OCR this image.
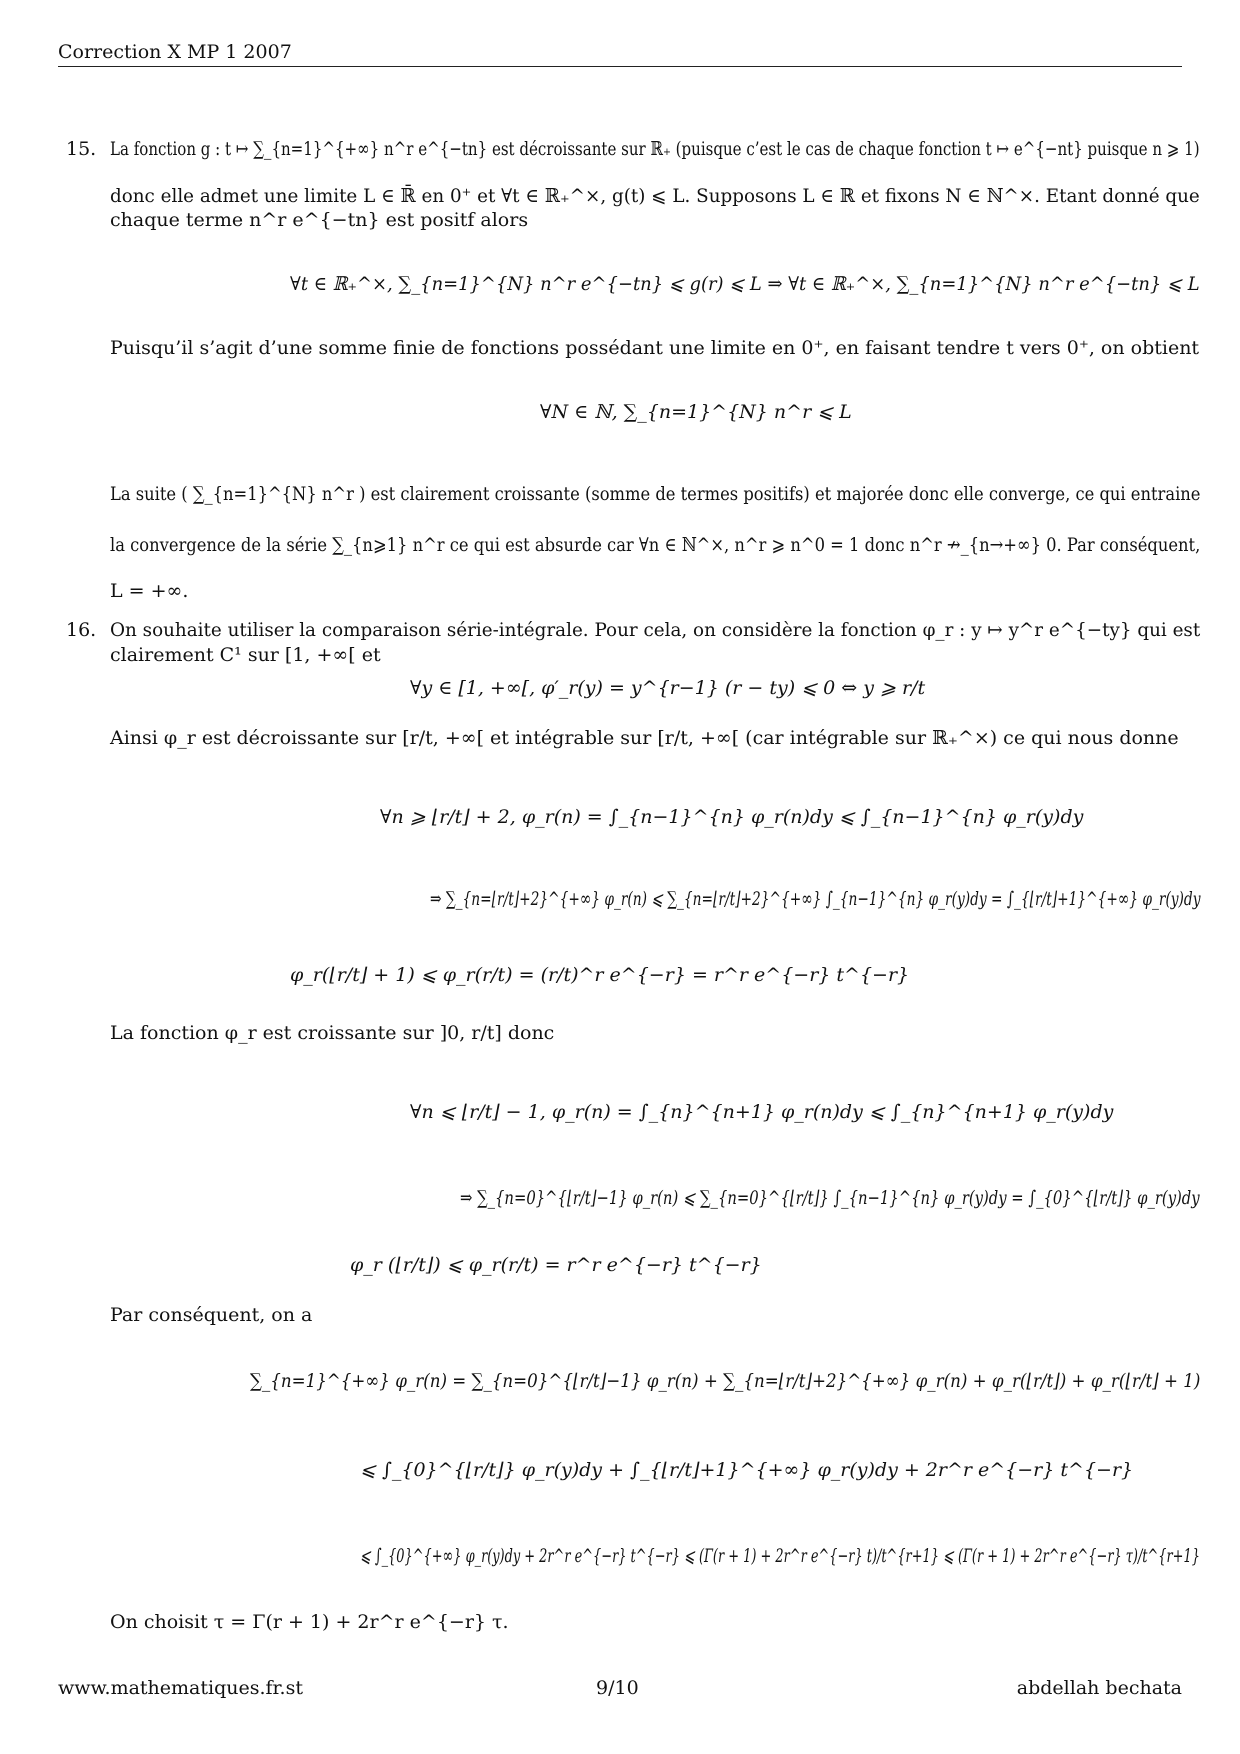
Correction X MP 1 2007
15. La fonction g : t ↦ ∑_{n=1}^{+∞} n^r e^{−tn} est décroissante sur ℝ₊ (puisque c’est le cas de chaque fonction t ↦ e^{−nt} puisque n ⩾ 1)
donc elle admet une limite L ∈ ℝ̄ en 0⁺ et ∀t ∈ ℝ₊^×, g(t) ⩽ L. Supposons L ∈ ℝ et fixons N ∈ ℕ^×. Etant donné que
chaque terme n^r e^{−tn} est positf alors
∀t ∈ ℝ₊^×, ∑_{n=1}^{N} n^r e^{−tn} ⩽ g(r) ⩽ L ⇒ ∀t ∈ ℝ₊^×, ∑_{n=1}^{N} n^r e^{−tn} ⩽ L
Puisqu’il s’agit d’une somme finie de fonctions possédant une limite en 0⁺, en faisant tendre t vers 0⁺, on obtient
∀N ∈ ℕ, ∑_{n=1}^{N} n^r ⩽ L
La suite ( ∑_{n=1}^{N} n^r ) est clairement croissante (somme de termes positifs) et majorée donc elle converge, ce qui entraine
la convergence de la série ∑_{n⩾1} n^r ce qui est absurde car ∀n ∈ ℕ^×, n^r ⩾ n^0 = 1 donc n^r ↛_{n→+∞} 0. Par conséquent,
L = +∞.
16. On souhaite utiliser la comparaison série-intégrale. Pour cela, on considère la fonction φ_r : y ↦ y^r e^{−ty} qui est
clairement C¹ sur [1, +∞[ et
∀y ∈ [1, +∞[, φ′_r(y) = y^{r−1} (r − ty) ⩽ 0 ⇔ y ⩾ r/t
Ainsi φ_r est décroissante sur [r/t, +∞[ et intégrable sur [r/t, +∞[ (car intégrable sur ℝ₊^×) ce qui nous donne
∀n ⩾ ⌊r/t⌋ + 2, φ_r(n) = ∫_{n−1}^{n} φ_r(n)dy ⩽ ∫_{n−1}^{n} φ_r(y)dy
⇒ ∑_{n=⌊r/t⌋+2}^{+∞} φ_r(n) ⩽ ∑_{n=⌊r/t⌋+2}^{+∞} ∫_{n−1}^{n} φ_r(y)dy = ∫_{⌊r/t⌋+1}^{+∞} φ_r(y)dy
φ_r(⌊r/t⌋ + 1) ⩽ φ_r(r/t) = (r/t)^r e^{−r} = r^r e^{−r} t^{−r}
La fonction φ_r est croissante sur ]0, r/t] donc
∀n ⩽ ⌊r/t⌋ − 1, φ_r(n) = ∫_{n}^{n+1} φ_r(n)dy ⩽ ∫_{n}^{n+1} φ_r(y)dy
⇒ ∑_{n=0}^{⌊r/t⌋−1} φ_r(n) ⩽ ∑_{n=0}^{⌊r/t⌋} ∫_{n−1}^{n} φ_r(y)dy = ∫_{0}^{⌊r/t⌋} φ_r(y)dy
φ_r (⌊r/t⌋) ⩽ φ_r(r/t) = r^r e^{−r} t^{−r}
Par conséquent, on a
∑_{n=1}^{+∞} φ_r(n) = ∑_{n=0}^{⌊r/t⌋−1} φ_r(n) + ∑_{n=⌊r/t⌋+2}^{+∞} φ_r(n) + φ_r(⌊r/t⌋) + φ_r(⌊r/t⌋ + 1)
⩽ ∫_{0}^{⌊r/t⌋} φ_r(y)dy + ∫_{⌊r/t⌋+1}^{+∞} φ_r(y)dy + 2r^r e^{−r} t^{−r}
⩽ ∫_{0}^{+∞} φ_r(y)dy + 2r^r e^{−r} t^{−r} ⩽ (Γ(r + 1) + 2r^r e^{−r} t)/t^{r+1} ⩽ (Γ(r + 1) + 2r^r e^{−r} τ)/t^{r+1}
On choisit τ = Γ(r + 1) + 2r^r e^{−r} τ.
www.mathematiques.fr.st	9/10	abdellah bechata
